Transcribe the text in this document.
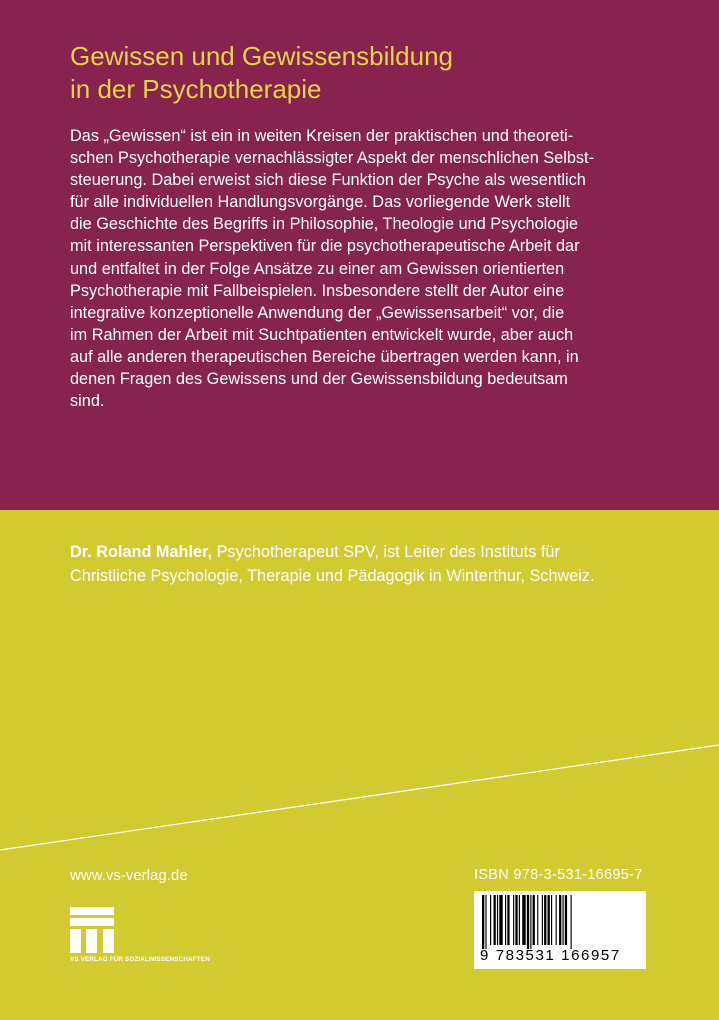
Gewissen und Gewissensbildung
in der Psychotherapie
Das „Gewissen“ ist ein in weiten Kreisen der praktischen und theoreti-
schen Psychotherapie vernachlässigter Aspekt der menschlichen Selbst-
steuerung. Dabei erweist sich diese Funktion der Psyche als wesentlich
für alle individuellen Handlungsvorgänge. Das vorliegende Werk stellt
die Geschichte des Begriffs in Philosophie, Theologie und Psychologie
mit interessanten Perspektiven für die psychotherapeutische Arbeit dar
und entfaltet in der Folge Ansätze zu einer am Gewissen orientierten
Psychotherapie mit Fallbeispielen. Insbesondere stellt der Autor eine
integrative konzeptionelle Anwendung der „Gewissensarbeit“ vor, die
im Rahmen der Arbeit mit Suchtpatienten entwickelt wurde, aber auch
auf alle anderen therapeutischen Bereiche übertragen werden kann, in
denen Fragen des Gewissens und der Gewissensbildung bedeutsam
sind.
Dr. Roland Mahler, Psychotherapeut SPV, ist Leiter des Instituts für
Christliche Psychologie, Therapie und Pädagogik in Winterthur, Schweiz.
www.vs-verlag.de	ISBN 978-3-531-16695-7
9 783531 166957
VS VERLAG FÜR SOZIALWISSENSCHAFTEN
